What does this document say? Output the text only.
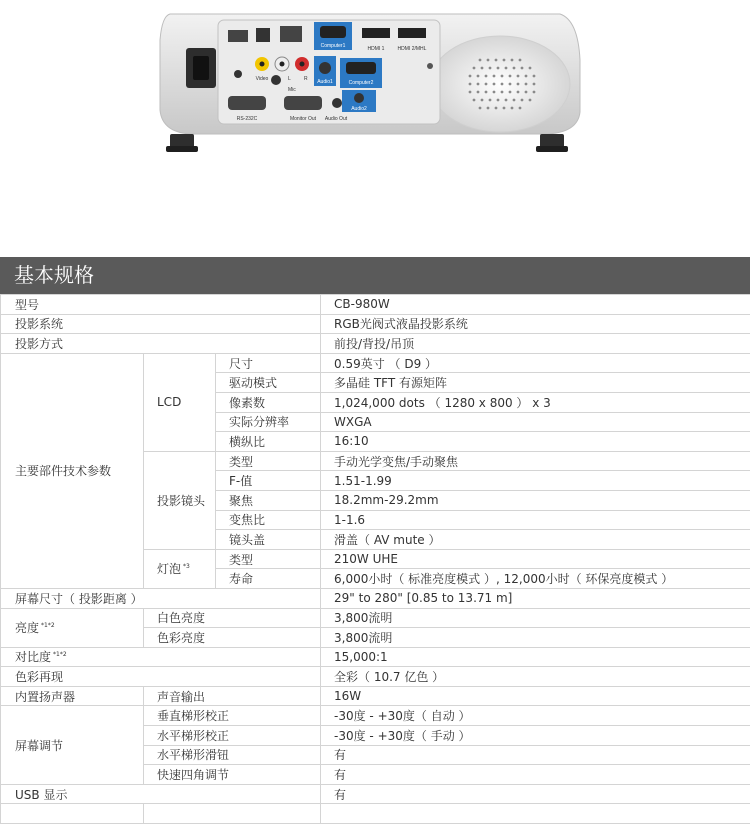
Computer1	HDMI 1	HDMI 2/MHL
Video	L	R Audio1	Computer2
Audio2
Mic
RS-232C	Monitor Out Audio Out
基本规格
型号			CB-980W
投影系统			RGB光阀式液晶投影系统
投影方式			前投/背投/吊顶
主要部件技术参数	LCD	尺寸	0.59英寸 （ D9 ）
		驱动模式	多晶硅 TFT 有源矩阵
		像素数	1,024,000 dots （ 1280 x 800 ） x 3
		实际分辨率	WXGA
		横纵比	16:10
	投影镜头	类型	手动光学变焦/手动聚焦
		F-值	1.51-1.99
		聚焦	18.2mm-29.2mm
		变焦比	1-1.6
		镜头盖	滑盖（ AV mute ）
	灯泡 $^{*3}$	类型	210W UHE
		寿命	6,000小时（ 标准亮度模式 ）, 12,000小时（ 环保亮度模式 ）
屏幕尺寸（ 投影距离 ）			29" to 280" [0.85 to 13.71 m]
亮度 $^{*1*2}$	白色亮度		3,800流明
	色彩亮度		3,800流明
对比度 $^{*1*2}$			15,000:1
色彩再现			全彩（ 10.7 亿色 ）
内置扬声器	声音输出		16W
屏幕调节	垂直梯形校正		-30度 - +30度（ 自动 ）
	水平梯形校正		-30度 - +30度（ 手动 ）
	水平梯形滑钮		有
	快速四角调节		有
USB 显示			有
